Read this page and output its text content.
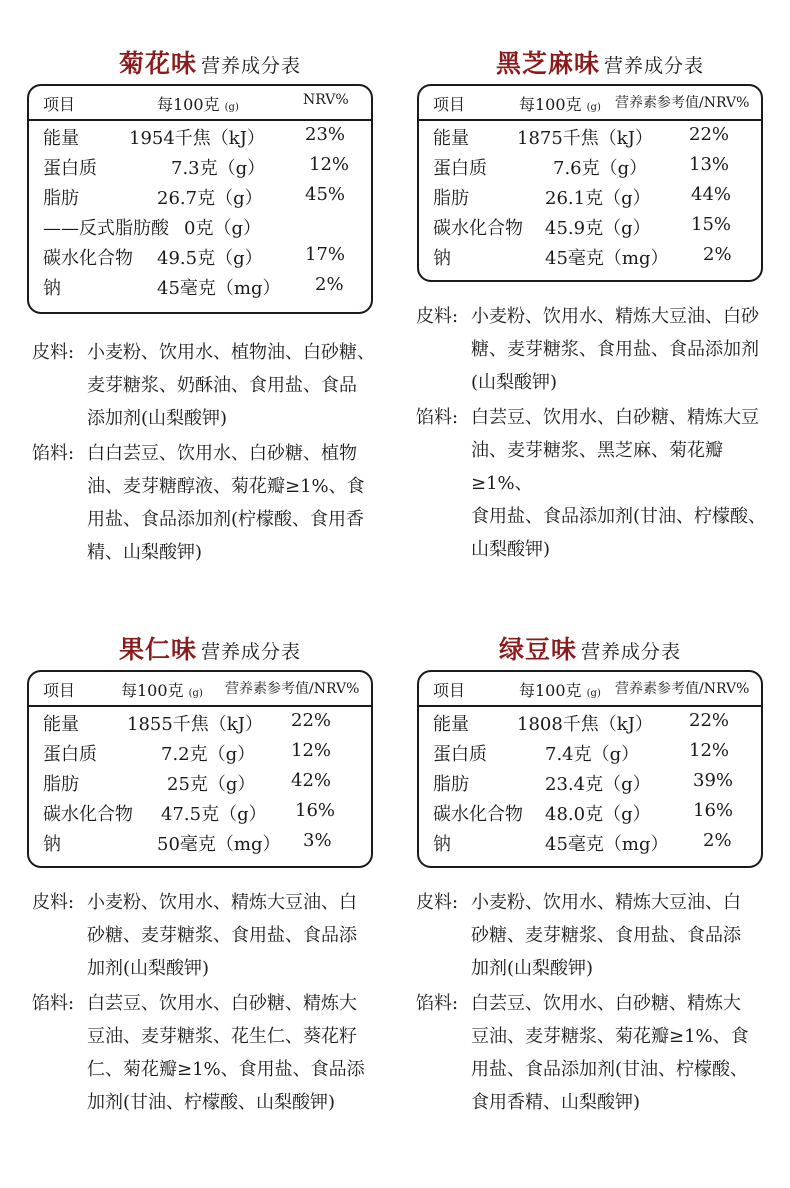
菊花味 营养成分表
项目	每100克 (g)	NRV%
能量	1954千焦（kJ） 23%
蛋白质	7.3克（g） 12%
脂肪	26.7克（g） 45%
——反式脂肪酸 0克（g）
碳水化合物 49.5克（g） 17%
钠	45毫克（mg） 2%
皮料: 小麦粉、饮用水、植物油、白砂糖、
麦芽糖浆、奶酥油、食用盐、食品
添加剂(山梨酸钾)
馅料: 白白芸豆、饮用水、白砂糖、植物
油、麦芽糖醇液、菊花瓣≥1%、食
用盐、食品添加剂(柠檬酸、食用香
精、山梨酸钾)
黑芝麻味 营养成分表
项目	每100克 (g) 营养素参考值/NRV%
能量	1875千焦（kJ） 22%
蛋白质	7.6克（g） 13%
脂肪	26.1克（g） 44%
碳水化合物 45.9克（g） 15%
钠	45毫克（mg） 2%
皮料: 小麦粉、饮用水、精炼大豆油、白砂
糖、麦芽糖浆、食用盐、食品添加剂
(山梨酸钾)
馅料: 白芸豆、饮用水、白砂糖、精炼大豆
油、麦芽糖浆、黑芝麻、菊花瓣≥1%、
食用盐、食品添加剂(甘油、柠檬酸、
山梨酸钾)
果仁味 营养成分表
项目	每100克 (g) 营养素参考值/NRV%
能量	1855千焦（kJ） 22%
蛋白质	7.2克（g） 12%
脂肪	25克（g） 42%
碳水化合物 47.5克（g） 16%
钠	50毫克（mg） 3%
皮料: 小麦粉、饮用水、精炼大豆油、白
砂糖、麦芽糖浆、食用盐、食品添
加剂(山梨酸钾)
馅料: 白芸豆、饮用水、白砂糖、精炼大
豆油、麦芽糖浆、花生仁、葵花籽
仁、菊花瓣≥1%、食用盐、食品添
加剂(甘油、柠檬酸、山梨酸钾)
绿豆味 营养成分表
项目	每100克 (g) 营养素参考值/NRV%
能量	1808千焦（kJ） 22%
蛋白质	7.4克（g）	12%
脂肪	23.4克（g） 39%
碳水化合物 48.0克（g） 16%
钠	45毫克（mg） 2%
皮料: 小麦粉、饮用水、精炼大豆油、白
砂糖、麦芽糖浆、食用盐、食品添
加剂(山梨酸钾)
馅料: 白芸豆、饮用水、白砂糖、精炼大
豆油、麦芽糖浆、菊花瓣≥1%、食
用盐、食品添加剂(甘油、柠檬酸、
食用香精、山梨酸钾)
